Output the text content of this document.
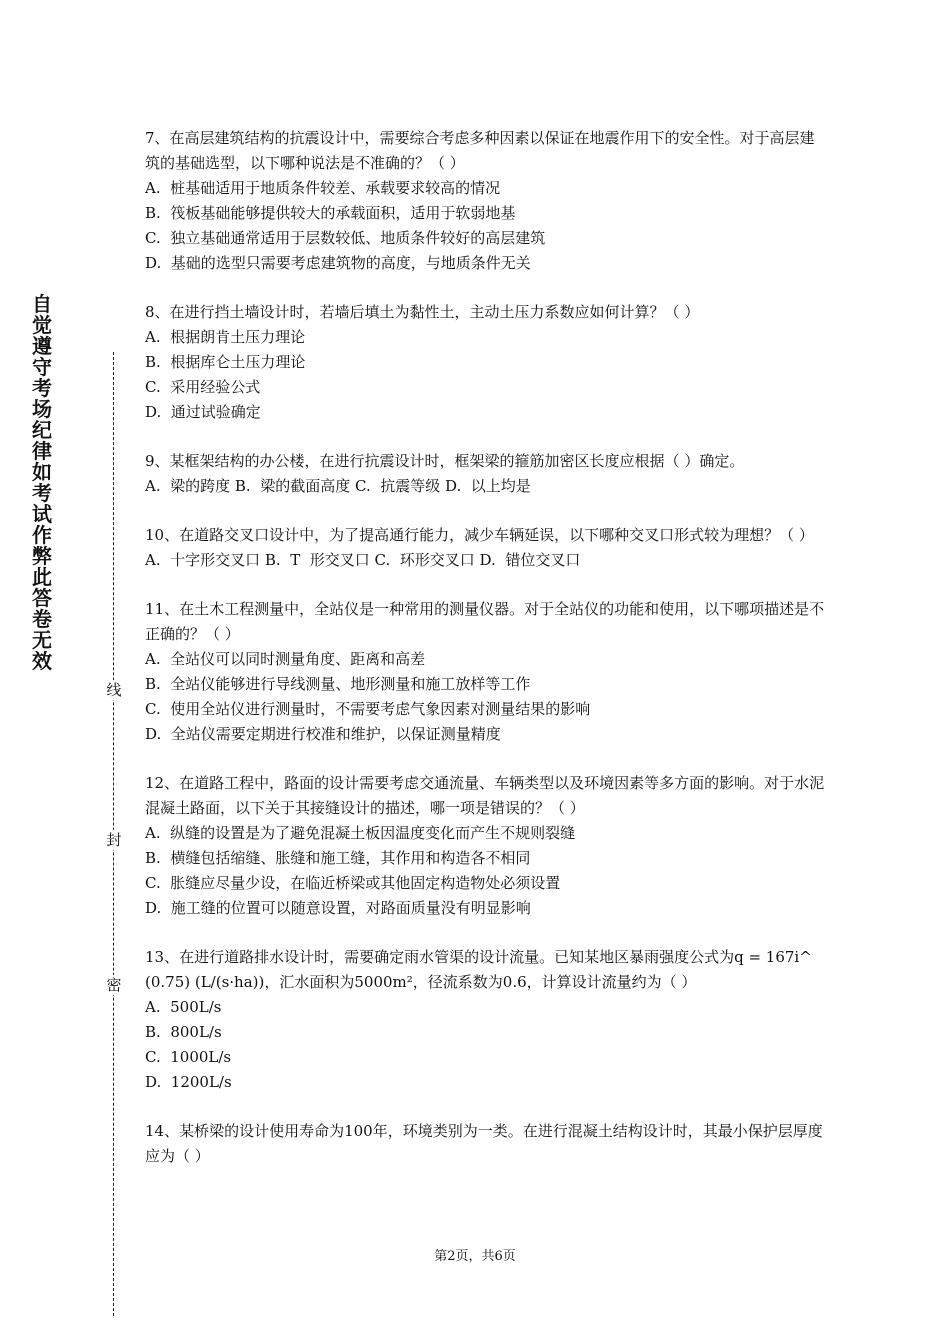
自觉遵守考场纪律如考试作弊此答卷无效
线
封
密
7、在高层建筑结构的抗震设计中，需要综合考虑多种因素以保证在地震作用下的安全性。对于高层建筑的基础选型，以下哪种说法是不准确的？（ ）
A.  桩基础适用于地质条件较差、承载要求较高的情况
B.  筏板基础能够提供较大的承载面积，适用于软弱地基
C.  独立基础通常适用于层数较低、地质条件较好的高层建筑
D.  基础的选型只需要考虑建筑物的高度，与地质条件无关
8、在进行挡土墙设计时，若墙后填土为黏性土，主动土压力系数应如何计算？（ ）
A.  根据朗肯土压力理论
B.  根据库仑土压力理论
C.  采用经验公式
D.  通过试验确定
9、某框架结构的办公楼，在进行抗震设计时，框架梁的箍筋加密区长度应根据（ ）确定。
A.  梁的跨度 B.  梁的截面高度 C.  抗震等级 D.  以上均是
10、在道路交叉口设计中，为了提高通行能力，减少车辆延误，以下哪种交叉口形式较为理想？（ ）
A.  十字形交叉口 B.  T  形交叉口 C.  环形交叉口 D.  错位交叉口
11、在土木工程测量中，全站仪是一种常用的测量仪器。对于全站仪的功能和使用，以下哪项描述是不正确的？（ ）
A.  全站仪可以同时测量角度、距离和高差
B.  全站仪能够进行导线测量、地形测量和施工放样等工作
C.  使用全站仪进行测量时，不需要考虑气象因素对测量结果的影响
D.  全站仪需要定期进行校准和维护，以保证测量精度
12、在道路工程中，路面的设计需要考虑交通流量、车辆类型以及环境因素等多方面的影响。对于水泥混凝土路面，以下关于其接缝设计的描述，哪一项是错误的？（ ）
A.  纵缝的设置是为了避免混凝土板因温度变化而产生不规则裂缝
B.  横缝包括缩缝、胀缝和施工缝，其作用和构造各不相同
C.  胀缝应尽量少设，在临近桥梁或其他固定构造物处必须设置
D.  施工缝的位置可以随意设置，对路面质量没有明显影响
13、在进行道路排水设计时，需要确定雨水管渠的设计流量。已知某地区暴雨强度公式为q = 167i^(0.75) (L/(s·ha))，汇水面积为5000m²，径流系数为0.6，计算设计流量约为（ ）
A.  500L/s
B.  800L/s
C.  1000L/s
D.  1200L/s
14、某桥梁的设计使用寿命为100年，环境类别为一类。在进行混凝土结构设计时，其最小保护层厚度应为（ ）
第2页，共6页
